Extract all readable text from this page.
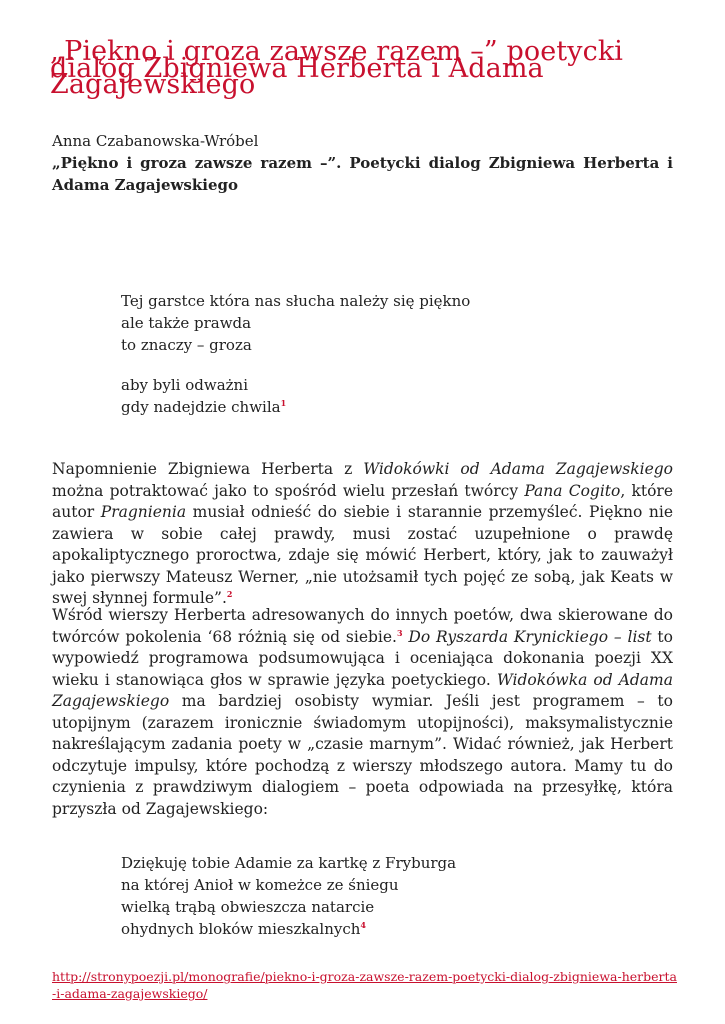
„Piękno i groza zawsze razem –” poetycki dialog Zbigniewa Herberta i Adama Zagajewskiego
Anna Czabanowska-Wróbel
„Piękno i groza zawsze razem –”. Poetycki dialog Zbigniewa Herberta i Adama Zagajewskiego
Tej garstce która nas słucha należy się piękno
ale także prawda
to znaczy – groza
aby byli odważni
gdy nadejdzie chwila$^1$

Napomnienie Zbigniewa Herberta z Widokówki od Adama Zagajewskiego można potraktować jako to spośród wielu przesłań twórcy Pana Cogito, które autor Pragnienia musiał odnieść do siebie i starannie przemyśleć. Piękno nie zawiera w sobie całej prawdy, musi zostać uzupełnione o prawdę apokaliptycznego proroctwa, zdaje się mówić Herbert, który, jak to zauważył jako pierwszy Mateusz Werner, „nie utożsamił tych pojęć ze sobą, jak Keats w swej słynnej formule”.$^2$

Wśród wierszy Herberta adresowanych do innych poetów, dwa skierowane do twórców pokolenia ‘68 różnią się od siebie.$^3$ Do Ryszarda Krynickiego – list to wypowiedź programowa podsumowująca i oceniająca dokonania poezji XX wieku i stanowiąca głos w sprawie języka poetyckiego. Widokówka od Adama Zagajewskiego ma bardziej osobisty wymiar. Jeśli jest programem – to utopijnym (zarazem ironicznie świadomym utopijności), maksymalistycznie nakreślającym zadania poety w „czasie marnym”. Widać również, jak Herbert odczytuje impulsy, które pochodzą z wierszy młodszego autora. Mamy tu do czynienia z prawdziwym dialogiem – poeta odpowiada na przesyłkę, która przyszła od Zagajewskiego:

Dziękuję tobie Adamie za kartkę z Fryburga
na której Anioł w komeżce ze śniegu
wielką trąbą obwieszcza natarcie
ohydnych bloków mieszkalnych$^4$
http://stronypoezji.pl/monografie/piekno-i-groza-zawsze-razem-poetycki-dialog-zbigniewa-herberta-i-adama-zagajewskiego/
